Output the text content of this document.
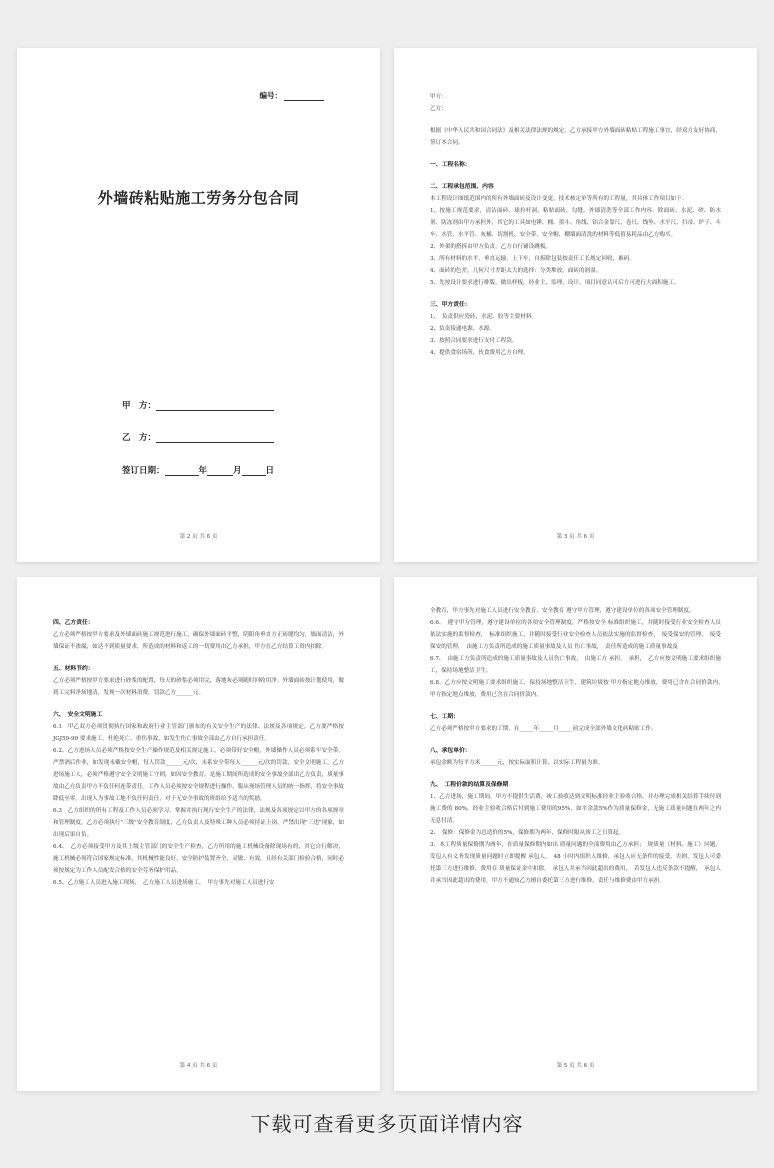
编号：
外墙砖粘贴施工劳务分包合同
甲　方：
乙　方：
签订日期：	年	月	日

第 2 页 共 6 页

甲方：

乙方：

根据《中华人民共和国合同法》及相关法律法规的规定，乙方承接甲方外墙面砖粘贴工程施工事宜，经双方友好协商，签订本合同。

一、工程名称：

二、工程承包范围、内容

本工程设计图纸范围内的所有外墙面砖及设计变更，技术核定单等所有的工程量，其具体工作项目如下：

1、按施工规范要求，清洁面砖、球拉杆洞、粘贴面砖、勾缝、外墙清洗等全部工作内容。除面砖、水泥、砂、防水剂、防冻剂由甲方承担外，其它的工具如电锤、桶、墨斗、角线、铝合金靠尺、卷尺、线坠、水平尺、扫帚、铲子、斗车、水管、水平管、灰桶、切割机、安全带、安全帽、棚墙面清洗的材料等低值易耗品由乙方购买。

2、外架的搭拆由甲方负责，乙方自行铺设跳板。

3、所有材料的水平、垂直运输，上下车，自拆除包装按责任工长规定回收，难码。

4、面砖的色差，几何尺寸差距太大的选择：分类堆放，面砖的润湿。

5、先按设计要求进行排版，做出样板，经业主、监理、设计、项目同意认可后方可进行大面积施工。

三、甲方责任：

1、　负责供应瓷砖、水泥、胶等主要材料。

2、负责接通电源、水源。

3、按照合同要求进行支付工程款。

4、提供食宿场所，伙食费用乙方自理。

第 3 页 共 6 页

四、乙方责任：

乙方必须严格按甲方要求及外墙面砖施工规范进行施工，确保外墙面砖平整，阴阳角垂直方正砖缝均匀，墙面清洁，外墙保证不渗漏，如达不到质量要求，所造成的材料和返工的一切费用由乙方承担，甲方在乙方结算工资内扣除。

五、材料节约：

乙方必须严格按甲方要求进行砂浆的配置，每天的砂浆必须用完，落地灰必须随时回收用净。外墙面砖按计划使用，做到工完料净场地清，发现一次材料浪费，罚款乙方______元。

六、　安全文明施工

6.1　甲乙双方必须贯彻执行国家和政府行业主管部门颁布的有关安全生产的法律、法规及各项规定。乙方要严格按 JGJ59-99 要求施工，杜绝死亡、重伤事故，如发生伤亡事故全部由乙方自行承担责任。

6.2、乙方进场人员必须严格按安全生产操作规范及相关规定施工，必须带好安全帽，外墙操作人员必须系牢安全带，严禁酒后作业，如发现未戴安全帽，每人罚款______元/次，未系安全带每人______元/次的罚款，安全文明施工，乙方进场施工人，必须严格遵守安全文明施工守则，如因安全教育，是施工期间所造成的安全事故全部由乙方负责，质量事故由乙方负责甲方不负任何连带责任。工作人员必须按安全规程进行操作，服从现场管理人员的统一指挥，将安全事故降低至零。出现人为事故工地不负任何责任，对于无安全事故的班组给予适当的奖励。

6.3　乙方组织的所有工程及工作人员必须学习、掌握并执行现行安全生产的法律，法规及各项规定以甲方的各项规章和管理制度，乙方必须执行"三级"安全教育制度，乙方负责人及特殊工种人员必须持证上岗，严禁出现"三违"现象，如出现后果自负。

6.4、　乙方必须接受甲方及其上级主管部门的安全生产检查，乙方所用的施工机械设备除现场有的，其它自行解决，施工机械必须符合国家规定标准，其机械性能良好，安全防护装置齐全、灵敏、有效，且经有关部门检验合格，同时必须按规定为工作人员配发合格的安全劳务保护用品。

6.5、乙方施工人员进入施工现场，　乙方施工人员进场施工，　甲方事先对施工人员进行安

第 4 页 共 6 页

全教育，甲方事先对施工人员进行安全教育，安全教育 遵守甲方管理，遵守建设单位的各项安全管理制度。

6.6、　遵守甲方管理，遵守建设单位的各项安全管理制度，严格按安全 标准组织施工，并随时接受行业安全检查人员依法实施的监督检查，　标准组织施工，并随时接受行业安全检查人员依法实施的监督检查，　接受保安的管理，　接受保安的管理，　由施工方负责所造成的施工质量事故及人员 伤亡事故，　责任所造成的施工质量事故及

6.7、　由施工方负责所造成的施工质量事故及人员伤亡事故，　由施工方 承担，　承担，　乙方应按文明施工要求组织施工，保持场地整洁卫生。

6.8、乙方应按文明施工要求组织施工，保持场地整洁卫生，建筑垃圾按 甲方指定地点堆放，费用已含在合同价款内，　甲方指定地点堆放，费用已含在合同价款内。

七、工期：

乙方必须严格按甲方要求的工期，在_____年_____月_____前完成全部外墙文化砖粘贴工作。

八、承包单价：

承包金额为每平方米______元，按实际面积计算、以实际工程量为准。

九、　工程价款的结算及保修期

1、乙方进场，施工期间，甲方不提供生活费，竣工验收达到文明标准经业主验收合格，并办理完成相关结算手续付到施工费的 80%，经业主验收合格后付到施工费用的95%，如平余款5%作为质量保修金，无施工质量问题在两年之内无息付清。

2、　保修：保修金为总造价的5%，保修期为两年，保修时限从竣工之日算起。

3、本工程质量保修期为两年，在质量保修期内如出 质量问题的全部费用由乙方承担；　规质量（材料、施工）问题，发包人有义务发现质量问题时立即提醒 承包人，　48 小时内组织人维修，承包人应无条件的接受，否则，发包人可委托第三方进行维修，费用在 质量保证金中扣除，　承包人并承当因此超出的费用，　若发包人违反条款不提醒，　承包人并承当因此超出的费用，甲方不通知乙方擅自委托第三方进行维修，责任与维修费由甲方承担。

第 5 页 共 6 页
下载可查看更多页面详情内容
